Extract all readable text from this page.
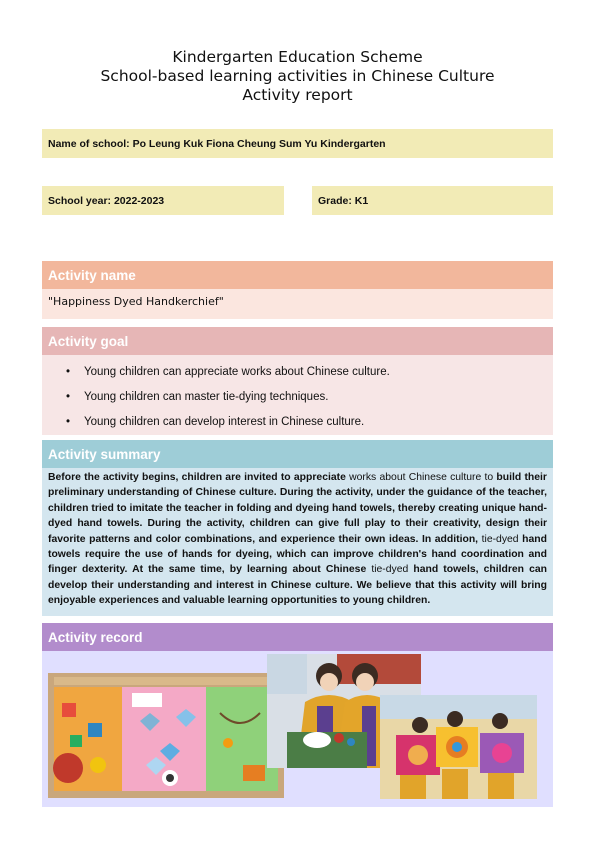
Kindergarten Education Scheme
School-based learning activities in Chinese Culture
Activity report
Name of school: Po Leung Kuk Fiona Cheung Sum Yu Kindergarten
School year: 2022-2023	Grade: K1
Activity name
"Happiness Dyed Handkerchief"
Activity goal
• Young children can appreciate works about Chinese culture.
• Young children can master tie-dying techniques.
• Young children can develop interest in Chinese culture.
Activity summary
Before the activity begins, children are invited to appreciate works about Chinese culture to build their preliminary understanding of Chinese culture. During the activity, under the guidance of the teacher, children tried to imitate the teacher in folding and dyeing hand towels, thereby creating unique hand-dyed hand towels. During the activity, children can give full play to their creativity, design their favorite patterns and color combinations, and experience their own ideas. In addition, tie-dyed hand towels require the use of hands for dyeing, which can improve children's hand coordination and finger dexterity. At the same time, by learning about Chinese tie-dyed hand towels, children can develop their understanding and interest in Chinese culture. We believe that this activity will bring enjoyable experiences and valuable learning opportunities to young children.
Activity record
